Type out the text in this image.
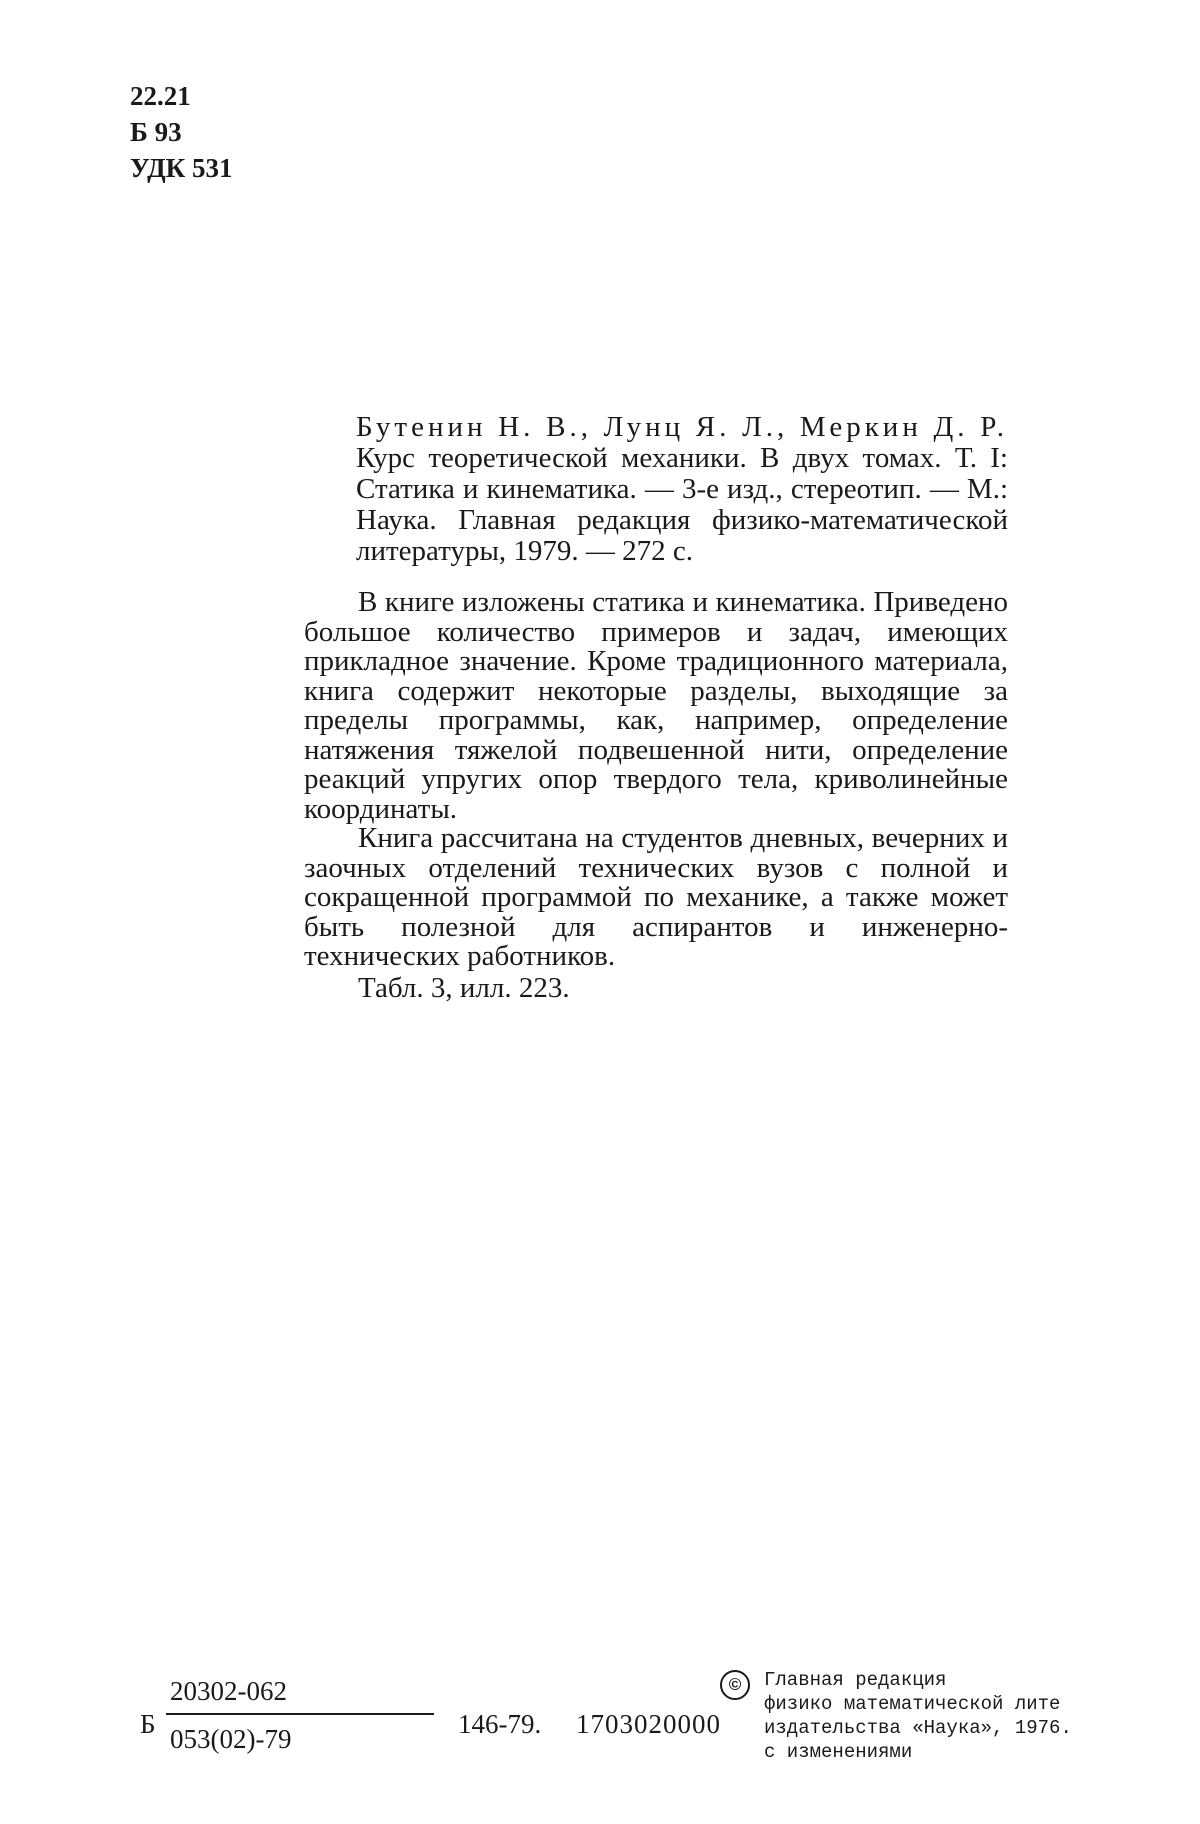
22.21
Б 93
УДК 531

Бутенин Н. В., Лунц Я. Л., Меркин Д. Р. Курс теоретической механики. В двух томах. Т. I: Статика и кинематика. — 3-е изд., стереотип. — М.: Наука. Главная редакция физико-математической литературы, 1979. — 272 с.

В книге изложены статика и кинематика. Приведено большое количество примеров и задач, имеющих прикладное значение. Кроме традиционного материала, книга содержит некоторые разделы, выходящие за пределы программы, как, например, определение натяжения тяжелой подвешенной нити, определение реакций упругих опор твердого тела, криволинейные координаты.

Книга рассчитана на студентов дневных, вечерних и заочных отделений технических вузов с полной и сокращенной программой по механике, а также может быть полезной для аспирантов и инженерно-технических работников.

Табл. 3, илл. 223.

Б
20302-062
053(02)-79	146-79. 1703020000
©	Главная редакция
физико математической лите
издательства «Наука», 1976.
с изменениями
